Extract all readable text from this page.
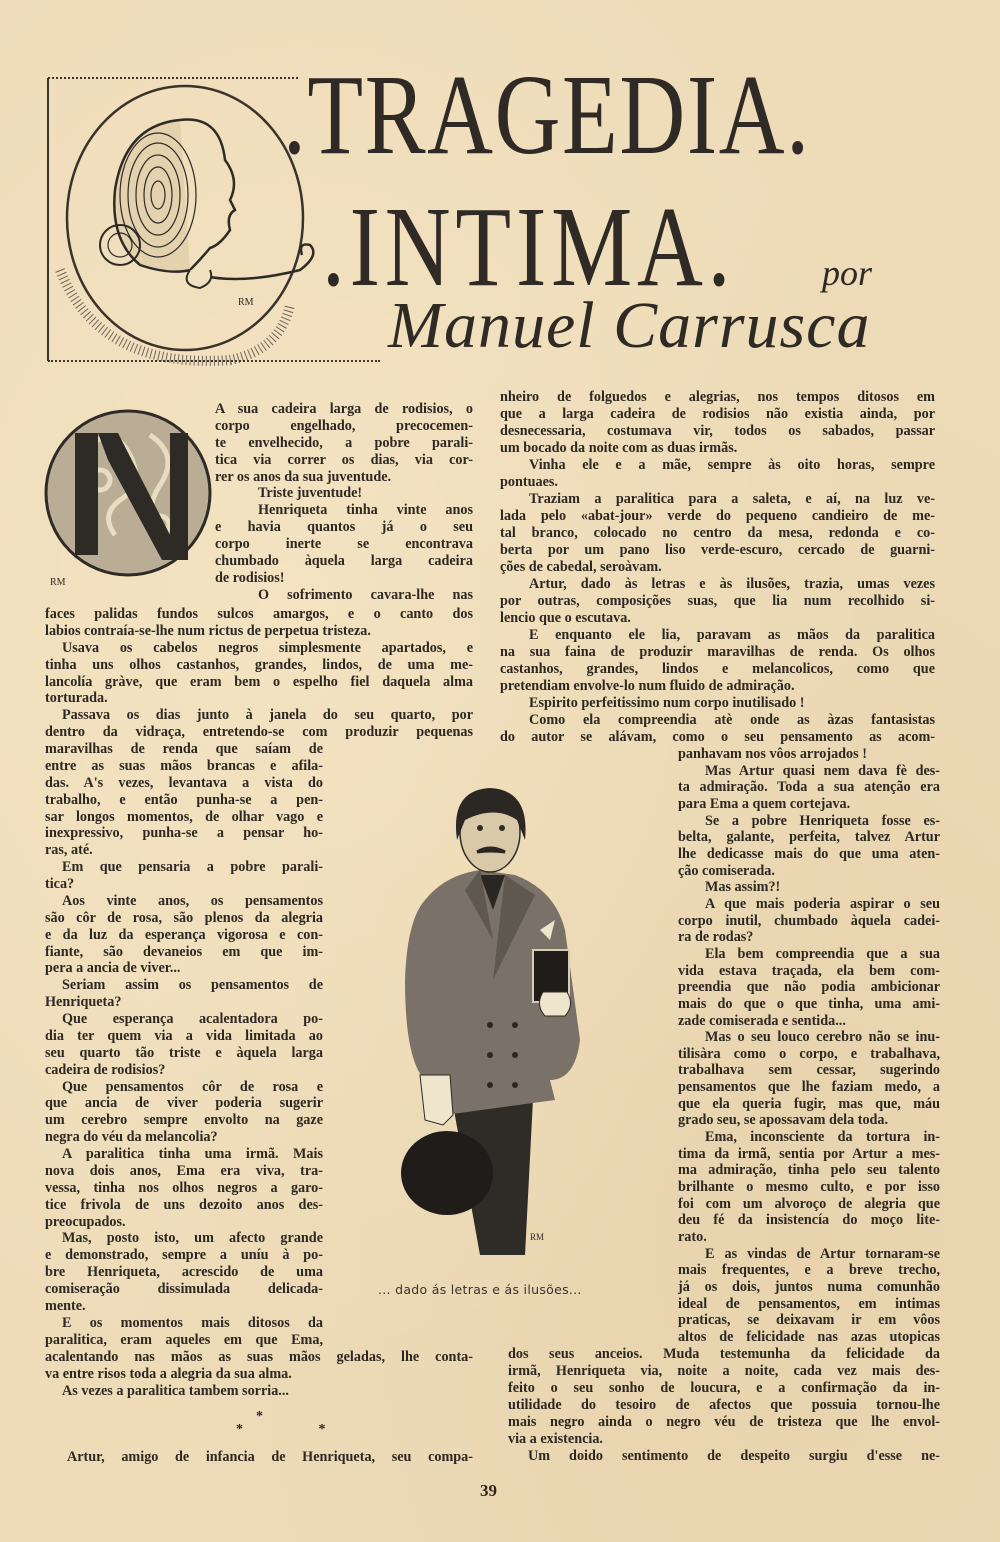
RM
.TRAGEDIA.
.INTIMA. por
Manuel Carrusca
RM
A sua cadeira larga de rodisios, o
corpo engelhado, precocemen-
te envelhecido, a pobre parali-
tica via correr os dias, via cor-
rer os anos da sua juventude.
Triste juventude!
Henriqueta tinha vinte anos
e havia quantos já o seu
corpo inerte se encontrava
chumbado àquela larga cadeira
de rodisios!
O sofrimento cavara-lhe nas
faces palidas fundos sulcos amargos, e o canto dos
labios contraía-se-lhe num rictus de perpetua tristeza.
Usava os cabelos negros simplesmente apartados, e
tinha uns olhos castanhos, grandes, lindos, de uma me-
lancolía gràve, que eram bem o espelho fiel daquela alma
torturada.
Passava os dias junto à janela do seu quarto, por
dentro da vidraça, entretendo-se com produzir pequenas
maravilhas de renda que saíam de
entre as suas mãos brancas e afila-
das. A's vezes, levantava a vista do
trabalho, e então punha-se a pen-
sar longos momentos, de olhar vago e
inexpressivo, punha-se a pensar ho-
ras, até.
Em que pensaria a pobre parali-
tica?
Aos vinte anos, os pensamentos
são côr de rosa, são plenos da alegria
e da luz da esperança vigorosa e con-
fiante, são devaneios em que im-
pera a ancia de viver...
Seriam assim os pensamentos de
Henriqueta?
Que esperança acalentadora po-
dia ter quem via a vida limitada ao
seu quarto tão triste e àquela larga
cadeira de rodisios?
Que pensamentos côr de rosa e
que ancia de viver poderia sugerir
um cerebro sempre envolto na gaze
negra do véu da melancolia?
A paralitica tinha uma irmã. Mais
nova dois anos, Ema era viva, tra-
vessa, tinha nos olhos negros a garo-
tice frivola de uns dezoito anos des-
preocupados.
Mas, posto isto, um afecto grande
e demonstrado, sempre a uníu à po-
bre Henriqueta, acrescido de uma
comiseração dissimulada delicada-
mente.
E os momentos mais ditosos da
paralitica, eram aqueles em que Ema,
acalentando nas mãos as suas mãos geladas, lhe conta-
va entre risos toda a alegria da sua alma.
As vezes a paralitica tambem sorria...
*
* *
Artur, amigo de infancia de Henriqueta, seu compa-
nheiro de folguedos e alegrias, nos tempos ditosos em
que a larga cadeira de rodisios não existia ainda, por
desnecessaria, costumava vir, todos os sabados, passar
um bocado da noite com as duas irmãs.
Vinha ele e a mãe, sempre às oito horas, sempre
pontuaes.
Traziam a paralitica para a saleta, e aí, na luz ve-
lada pelo «abat-jour» verde do pequeno candieiro de me-
tal branco, colocado no centro da mesa, redonda e co-
berta por um pano liso verde-escuro, cercado de guarni-
ções de cabedal, seroàvam.
Artur, dado às letras e às ilusões, trazia, umas vezes
por outras, composições suas, que lia num recolhido si-
lencio que o escutava.
E enquanto ele lia, paravam as mãos da paralitica
na sua faina de produzir maravilhas de renda. Os olhos
castanhos, grandes, lindos e melancolicos, como que
pretendiam envolve-lo num fluido de admiração.
Espirito perfeitissimo num corpo inutilisado !
Como ela compreendia atè onde as àzas fantasistas
do autor se alávam, como o seu pensamento as acom-
panhavam nos vôos arrojados !
Mas Artur quasi nem dava fè des-
ta admiração. Toda a sua atenção era
para Ema a quem cortejava.
Se a pobre Henriqueta fosse es-
belta, galante, perfeita, talvez Artur
lhe dedicasse mais do que uma aten-
ção comiserada.
Mas assim?!
A que mais poderia aspirar o seu
corpo inutil, chumbado àquela cadei-
ra de rodas?
Ela bem compreendia que a sua
vida estava traçada, ela bem com-
preendia que não podia ambicionar
mais do que o que tinha, uma ami-
zade comiserada e sentida...
Mas o seu louco cerebro não se inu-
tilisàra como o corpo, e trabalhava,
trabalhava sem cessar, sugerindo
pensamentos que lhe faziam medo, a
que ela queria fugir, mas que, máu
grado seu, se apossavam dela toda.
Ema, inconsciente da tortura in-
tima da irmã, sentia por Artur a mes-
ma admiração, tinha pelo seu talento
brilhante o mesmo culto, e por isso
foi com um alvoroço de alegria que
deu fé da insistencía do moço lite-
rato.
E as vindas de Artur tornaram-se
mais frequentes, e a breve trecho,
já os dois, juntos numa comunhão
ideal de pensamentos, em intimas
praticas, se deixavam ir em vôos
altos de felicidade nas azas utopicas
dos seus anceios. Muda testemunha da felicidade da
irmã, Henriqueta via, noite a noite, cada vez mais des-
feito o seu sonho de loucura, e a confirmação da in-
utilidade do tesoiro de afectos que possuia tornou-lhe
mais negro ainda o negro véu de tristeza que lhe envol-
via a existencia.
Um doido sentimento de despeito surgiu d'esse ne-
RM
... dado ás letras e ás ilusões...
39
